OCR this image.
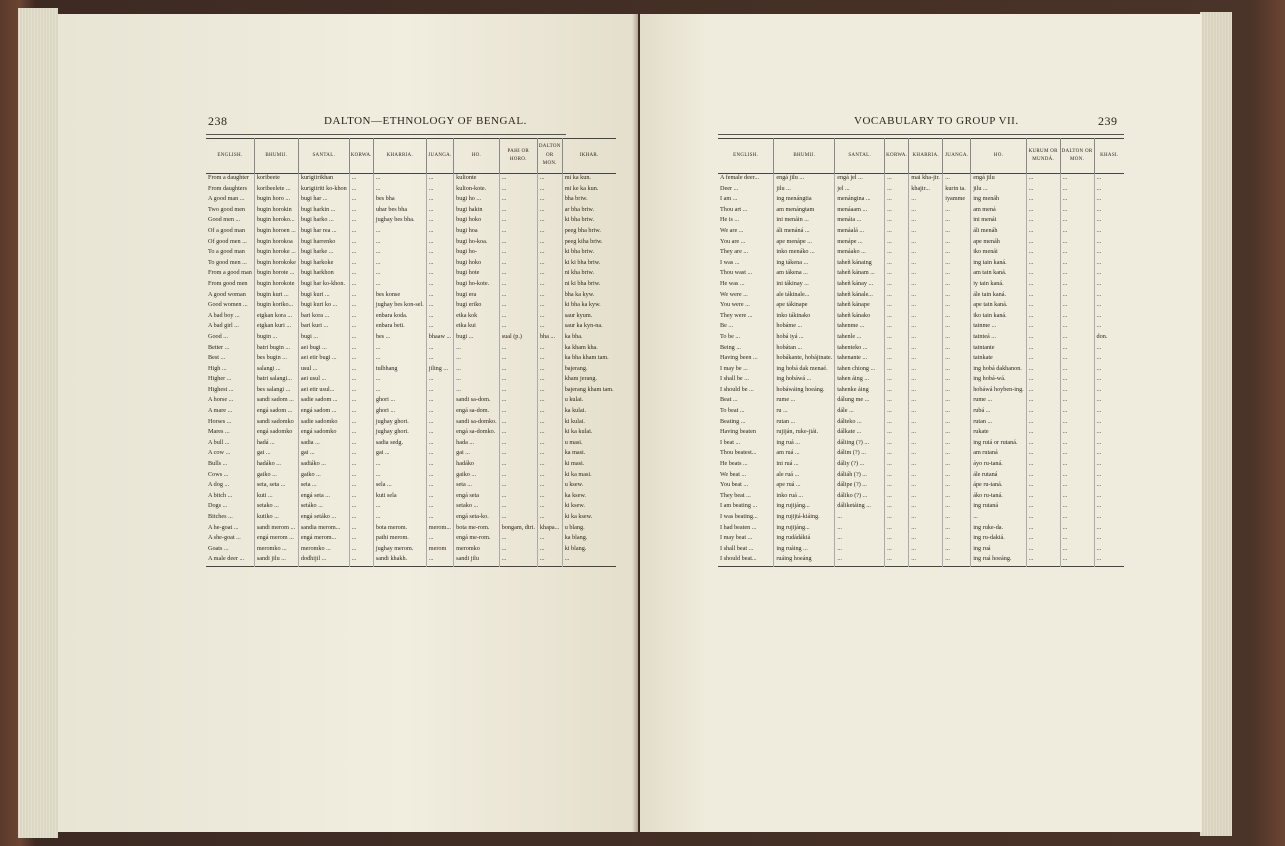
238	DALTON—ETHNOLOGY OF BENGAL.
ENGLISH.	BHUMIJ.	SANTAL.	KORWA.	KHARRIA.	JUANGA.	HO.	PAHI OR HORO.	DALTON OR MON.	IKHAR.
From a daughter	koribeete	kurigiirikhan	...	...	...	kulionte	...	...	mi ka kun.
From daughters	koribeelete ...	kurigiiriti ko-khon	...	...	...	kulion-kote.	...	...	mi ke ka kun.
A good man ...	bugin horo ...	bugi har ...	...	bes bha	...	bugi ho ...	...	...	bha briw.
Two good men	bugin horokin	bugi harkin ...	...	ubar bes bha	...	bugi hakin	...	...	ar bha briw.
Good men ...	bugin horoko...	bugi harko ...	...	jughay bes bha.	...	bugi hoko	...	...	ki bha briw.
Of a good man	bugin horoen ...	bugi har rea ...	...	...	...	bugi hoa	...	...	peeg bha briw.
Of good men ...	bugin horokoa	bugi harrenko	...	...	...	bugi ho-koa.	...	...	peeg kiha briw.
To a good man	bugin horoke ...	bugi harke ...	...	...	...	bugi ho-	...	...	ki bha briw.
To good men ...	bugin horokoke	bugi harkoke	...	...	...	bugi hoko	...	...	ki ki bha briw.
From a good man	bugin horote ...	bugi harkhon	...	...	...	bugi hote	...	...	ni kha briw.
From good men	bugin horokote	bugi har ko-khon.	...	...	...	bugi ho-kote.	...	...	ni ki bha briw.
A good woman	bugin kuri ...	bugi kuri ...	...	bes konse	...	bugi era	...	...	bha ka kyw.
Good women ...	bugin koriko...	bugi kuri ko ...	...	jughay bes kon-sel.	...	bugi eriko	...	...	ki bha ka kyw.
A bad boy ...	etgkan kora ...	bari kora ...	...	enbara koda.	...	etka kok	...	...	saur kyum.
A bad girl ...	etgkan kuri ...	bari kuri ...	...	enbara beti.	...	etka kui	...	...	saur ka kyn-na.
Good ...	bugin ...	bugi ...	...	bes ...	bhaaw ...	bugi ...	sual (p.)	bha ...	ka bha.
Better ...	batri bugin ...	aei bugi ...	...	...	...	...	...	...	ka kham kha.
Best ...	bes bugin ...	aei etir bugi ...	...	...	...	...	...	...	ka bha kham tam.
High ...	salangi ...	usul ...	...	tulbhang	jiling ...	...	...	...	bajerang.
Higher ...	batri salangi...	aei usul ...	...	...	...	...	...	...	kham jerang.
Highest ...	bes salangi ...	aei etir usul...	...	...	...	...	...	...	bajerang kham tam.
A horse ...	sandi sadom ...	sadie sadom ...	...	ghori ...	...	sandi sa-dom.	...	...	u kulai.
A mare ...	engá sadom ...	engá sadom ...	...	ghori ...	...	engá sa-dom.	...	...	ka kulai.
Horses ...	sandi sadomko	sadie sadomko	...	jughay ghori.	...	sandi sa-domko.	...	...	ki kulai.
Mares ...	engá sadomko	engá sadomko	...	jughay ghori.	...	engá sa-domko.	...	...	ki ka kulai.
A bull ...	hadá ...	sadia ...	...	sadia sedg.	...	hada ...	...	...	u masi.
A cow ...	gai ...	gai ...	...	gai ...	...	gai ...	...	...	ka masi.
Bulls ...	hadáko ...	sadiáko ...	...	...	...	hadáko	...	...	ki masi.
Cows ...	gaiko ...	gaiko ...	...	...	...	gaiko ...	...	...	ki ka masi.
A dog ...	seta, seta ...	seta ...	...	sela ...	...	seta ...	...	...	u ksew.
A bitch ...	kuti ...	engá seta ...	...	kuti sela	...	engá seta	...	...	ka ksew.
Dogs ...	setako ...	setáko ...	...	...	...	setako ...	...	...	ki ksew.
Bitches ...	kutiko ...	engá setáko ...	...	...	...	engá seta-ko.	...	...	ki ka ksew.
A he-goat ...	sandi merom ...	sandia merom...	...	bota merom.	merom...	bota me-rom.	bongam, diri.	khapa...	u blang.
A she-goat ...	engá merom ...	engá merom...	...	pathi merom.	...	engá me-rom.	...	...	ka blang.
Goats ...	meromko ...	meromko ...	...	jughay merom.	merom	meromko	...	...	ki blang.
A male deer ...	sandi jilu ...	dodhijil ...	...	sandi khakh.	...	sandi jilu	...	...	...
VOCABULARY TO GROUP VII.	239
ENGLISH.	BHUMIJ.	SANTAL.	KORWA.	KHARRIA.	JUANGA.	HO.	KURUM OR MUNDÁ.	DALTON OR MON.	KHASI.
A female deer...	engá jilu ...	engá jel ...	...	mai kha-jir.	...	engá jilu	...	...	...
Deer ...	jilu ...	jel ...	...	khajir...	kurin ta.	jilu ...	...	...	...
I am ...	ing menángtia	menángina ...	...	...	iyamme	ing menáh	...	...	...
Thou art ...	am menángtam	menáaam ...	...	...	...	am mená	...	...	...
He is ...	ini menáin ...	menáia ...	...	...	...	ini menái	...	...	...
We are ...	áli menáná ...	menáalá ...	...	...	...	áli menáh	...	...	...
You are ...	ape menápe ...	menápe ...	...	...	...	ape menáh	...	...	...
They are ...	inko menáko ...	menáako ...	...	...	...	iko menái	...	...	...
I was ...	ing tákena ...	taheñ kánaing	...	...	...	ing tain kaná.	...	...	...
Thou wast ...	am tákena ...	taheñ kánam ...	...	...	...	am tain kaná.	...	...	...
He was ...	ini tákinay ...	taheñ kánay ...	...	...	...	iy tain kaná.	...	...	...
We were ...	ale tákinale...	taheñ kánale...	...	...	...	ále tain kaná.	...	...	...
You were ...	ape tákinape	taheñ kánape	...	...	...	ape tain kaná.	...	...	...
They were ...	inko tákinako	taheñ kánako	...	...	...	iko tain kaná.	...	...	...
Be ...	hobáme ...	tahenme ...	...	...	...	tainme ...	...	...	...
To be ...	hobá iyá ...	tahenle ...	...	...	...	tainteá ...	...	...	don.
Being ...	hobátan ...	tahenteko ...	...	...	...	taintante	...	...	...
Having been ...	hobákante, hobájinate.	tahenante ...	...	...	...	tainkate	...	...	...
I may be ...	ing hobá dak menaé.	tahen chiong ...	...	...	...	ing hobá dakhanon.	...	...	...
I shall be ...	ing hobáwá ...	tahen áing ...	...	...	...	ing hobá-wá.	...	...	...
I should be ...	hobáwáing hoeáng.	tahenke áing	...	...	...	hobáwá hoyben-ing.	...	...	...
Beat ...	rume ...	dálung me ...	...	...	...	rume ...	...	...	...
To beat ...	ru ...	dále ...	...	...	...	rubá ...	...	...	...
Beating ...	rutan ...	dálteko ...	...	...	...	rutan ...	...	...	...
Having beaten	rujiján, ruke-jiái.	dálkate ...	...	...	...	rukate	...	...	...
I beat ...	ing ruá ...	dáliing (?) ...	...	...	...	ing ruiá or rutaná.	...	...	...
Thou beatest...	am ruá ...	dálim (?) ...	...	...	...	am rutaná	...	...	...
He beats ...	ini ruá ...	dáliy (?) ...	...	...	...	áyo ru-taná.	...	...	...
We beat ...	ale ruá ...	dáliáh (?) ...	...	...	...	ále rutaná	...	...	...
You beat ...	ape ruá ...	dálipe (?) ...	...	...	...	ápe ru-taná.	...	...	...
They beat ...	inko ruá ...	dáliko (?) ...	...	...	...	áko ru-taná.	...	...	...
I am beating ...	ing rujijáng...	dáliketáing ...	...	...	...	ing rutaná	...	...	...
I was beating...	ing rujijtá-kiáing.	...	...	...	...	...	...	...	...
I had beaten ...	ing rujijáng...	...	...	...	...	ing ruke-da.	...	...	...
I may beat ...	ing rudádákiá	...	...	...	...	ing ru-dakiá.	...	...	...
I shall beat ...	ing ruáing ...	...	...	...	...	ing ruá	...	...	...
I should beat...	ruáing hoeáng	...	...	...	...	ing ruá hoeáng.	...	...	...
